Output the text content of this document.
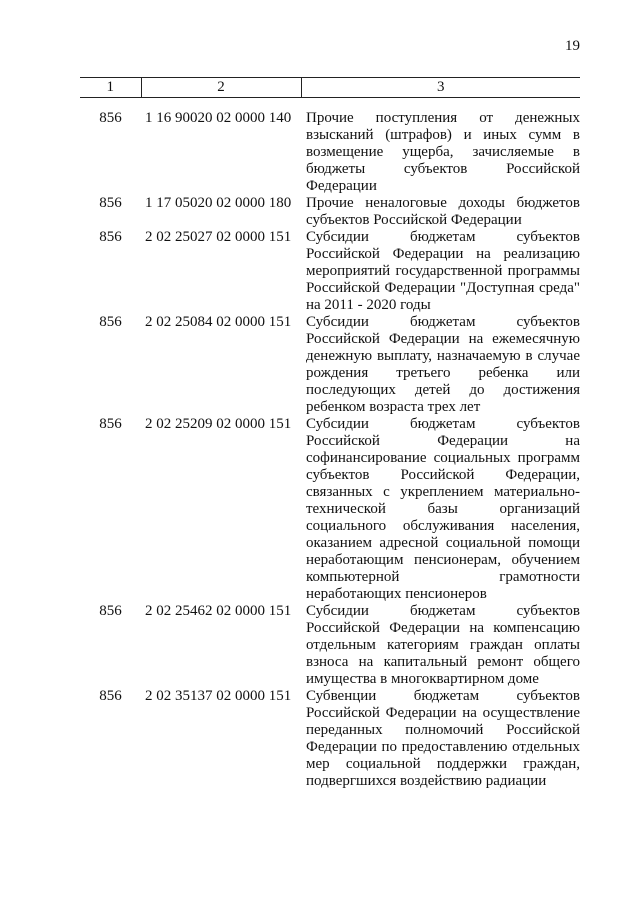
19
1	2	3
856	1 16 90020 02 0000 140	Прочие поступления от денежных взысканий (штрафов) и иных сумм в возмещение ущерба, зачисляемые в бюджеты субъектов Российской Федерации
856	1 17 05020 02 0000 180	Прочие неналоговые доходы бюджетов субъектов Российской Федерации
856	2 02 25027 02 0000 151	Субсидии бюджетам субъектов Российской Федерации на реализацию мероприятий государственной программы Российской Федерации "Доступная среда" на 2011 - 2020 годы
856	2 02 25084 02 0000 151	Субсидии бюджетам субъектов Российской Федерации на ежемесячную денежную выплату, назначаемую в случае рождения третьего ребенка или последующих детей до достижения ребенком возраста трех лет
856	2 02 25209 02 0000 151	Субсидии бюджетам субъектов Российской Федерации на софинансирование социальных программ субъектов Российской Федерации, связанных с укреплением материально-технической базы организаций социального обслуживания населения, оказанием адресной социальной помощи неработающим пенсионерам, обучением компьютерной грамотности неработающих пенсионеров
856	2 02 25462 02 0000 151	Субсидии бюджетам субъектов Российской Федерации на компенсацию отдельным категориям граждан оплаты взноса на капитальный ремонт общего имущества в многоквартирном доме
856	2 02 35137 02 0000 151	Субвенции бюджетам субъектов Российской Федерации на осуществление переданных полномочий Российской Федерации по предоставлению отдельных мер социальной поддержки граждан, подвергшихся воздействию радиации
